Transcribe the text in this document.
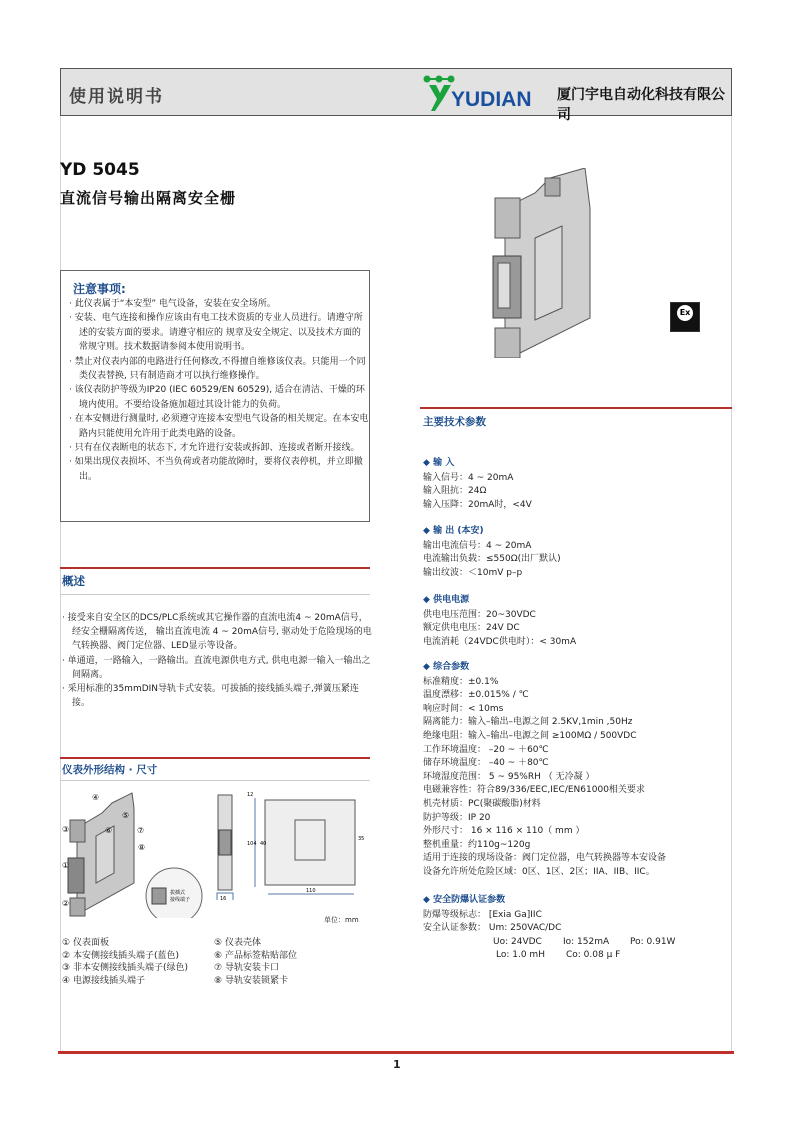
使用说明书	YUDIAN 厦门宇电自动化科技有限公司
YD 5045
直流信号输出隔离安全栅
Ex
注意事项:
· 此仪表属于“本安型” 电气设备，安装在安全场所。
· 安装、电气连接和操作应该由有电工技术资质的专业人员进行。请遵守所述的安装方面的要求。请遵守相应的 规章及安全规定、以及技术方面的常规守则。技术数据请参阅本使用说明书。
· 禁止对仪表内部的电路进行任何修改,不得擅自维修该仪表。只能用一个同类仪表替换, 只有制造商才可以执行维修操作。
· 该仪表防护等级为IP20 (IEC 60529/EN 60529), 适合在清洁、干燥的环境内使用。不要给设备施加超过其设计能力的负荷。
· 在本安侧进行测量时, 必须遵守连接本安型电气设备的相关规定。在本安电路内只能使用允许用于此类电路的设备。
· 只有在仪表断电的状态下, 才允许进行安装或拆卸、连接或者断开接线。
· 如果出现仪表损坏、不当负荷或者功能故障时，要将仪表停机，并立即撤出。
概述
· 接受来自安全区的DCS/PLC系统或其它操作器的直流电流4 ~ 20mA信号，经安全栅隔离传送， 输出直流电流 4 ~ 20mA信号, 驱动处于危险现场的电气转换器、阀门定位器、LED显示等设备。
· 单通道，一路输入，一路输出。直流电源供电方式, 供电电源一输入一输出之间隔离。
· 采用标准的35mmDIN导轨卡式安装。可拔插的接线插头端子,弹簧压紧连接。
仪表外形结构 · 尺寸
④
⑤
③	⑥	⑦
⑧
①
②
拔插式
接线端子	16
12
104 40
35
110
单位：mm
① 仪表面板
② 本安侧接线插头端子(蓝色)
③ 非本安侧接线插头端子(绿色)
④ 电源接线插头端子
⑤ 仪表壳体
⑥ 产品标签粘贴部位
⑦ 导轨安装卡口
⑧ 导轨安装锁紧卡
主要技术参数
◆ 输 入
输入信号：4 ~ 20mA
输入阻抗：24Ω
输入压降：20mA时，<4V
◆ 输 出 (本安)
输出电流信号：4 ~ 20mA
电流输出负载：≤550Ω(出厂默认)
输出纹波：＜10mV p–p
◆ 供电电源
供电电压范围：20~30VDC
额定供电电压：24V DC
电流消耗（24VDC供电时）：< 30mA
◆ 综合参数
标准精度：±0.1%
温度漂移：±0.015% / ℃
响应时间：< 10ms
隔离能力：输入–输出–电源之间 2.5KV,1min ,50Hz
绝缘电阻：输入–输出–电源之间 ≥100MΩ / 500VDC
工作环境温度： –20 ~ ＋60℃
储存环境温度： –40 ~ ＋80℃
环境湿度范围： 5 ~ 95%RH （ 无冷凝 ）
电磁兼容性：符合89/336/EEC,IEC/EN61000相关要求
机壳材质：PC(聚碳酸脂)材料
防护等级：IP 20
外形尺寸： 16 × 116 × 110（ mm ）
整机重量：约110g~120g
适用于连接的现场设备：阀门定位器，电气转换器等本安设备
设备允许所处危险区域：0区、1区、2区；IIA、IIB、IIC。
◆ 安全防爆认证参数
防爆等级标志： [Exia Ga]IIC
安全认证参数： Um: 250VAC/DC
Uo: 24VDC Io: 152mA Po: 0.91W
Lo: 1.0 mH Co: 0.08 μ F
1
